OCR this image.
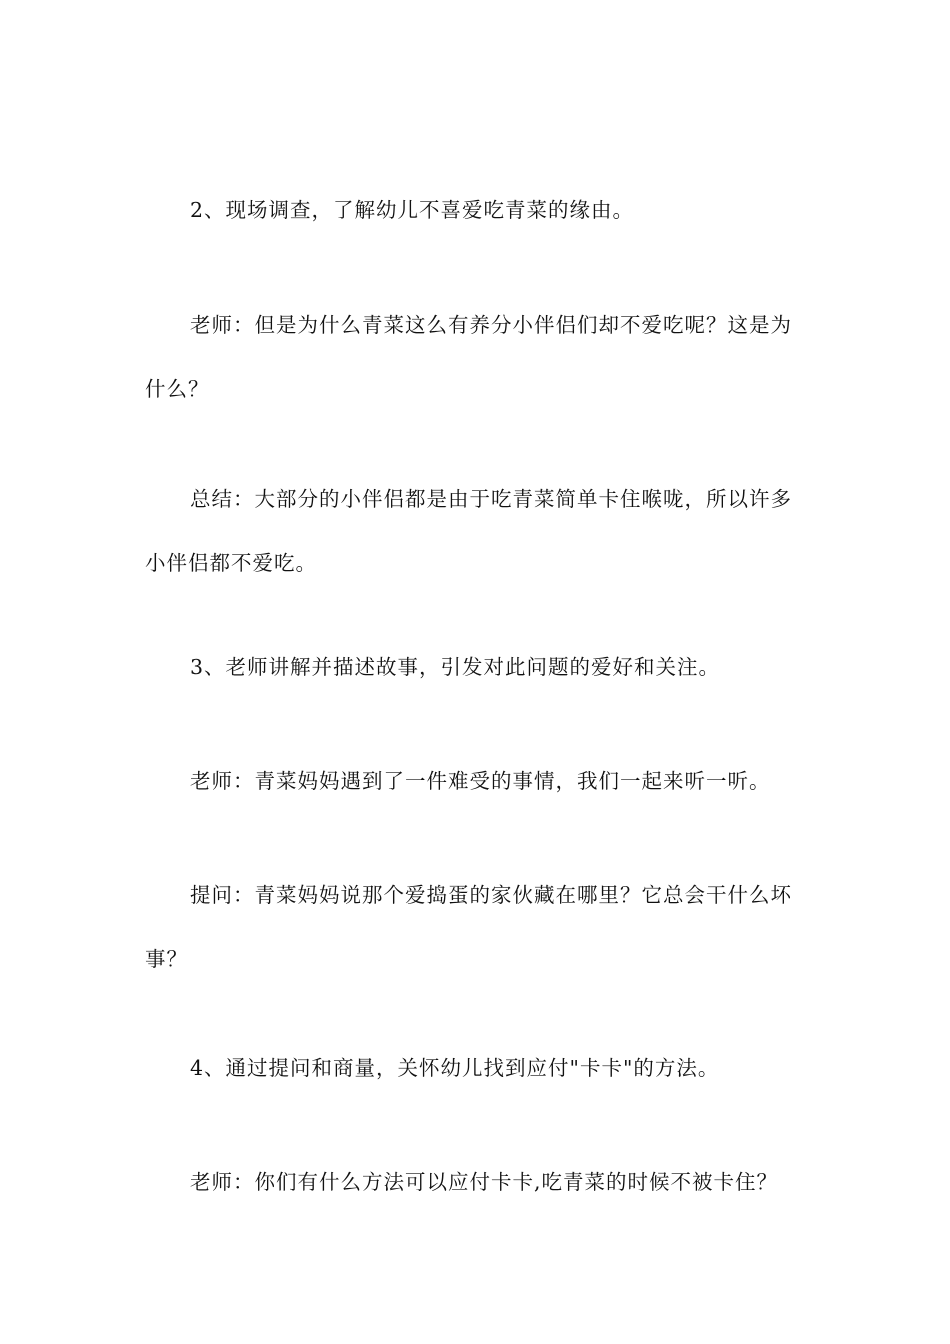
2、现场调查，了解幼儿不喜爱吃青菜的缘由。

老师：但是为什么青菜这么有养分小伴侣们却不爱吃呢？这是为什么？

总结：大部分的小伴侣都是由于吃青菜简单卡住喉咙，所以许多小伴侣都不爱吃。

3、老师讲解并描述故事，引发对此问题的爱好和关注。

老师：青菜妈妈遇到了一件难受的事情，我们一起来听一听。

提问：青菜妈妈说那个爱捣蛋的家伙藏在哪里？它总会干什么坏事？

4、通过提问和商量，关怀幼儿找到应付"卡卡"的方法。

老师：你们有什么方法可以应付卡卡,吃青菜的时候不被卡住？
